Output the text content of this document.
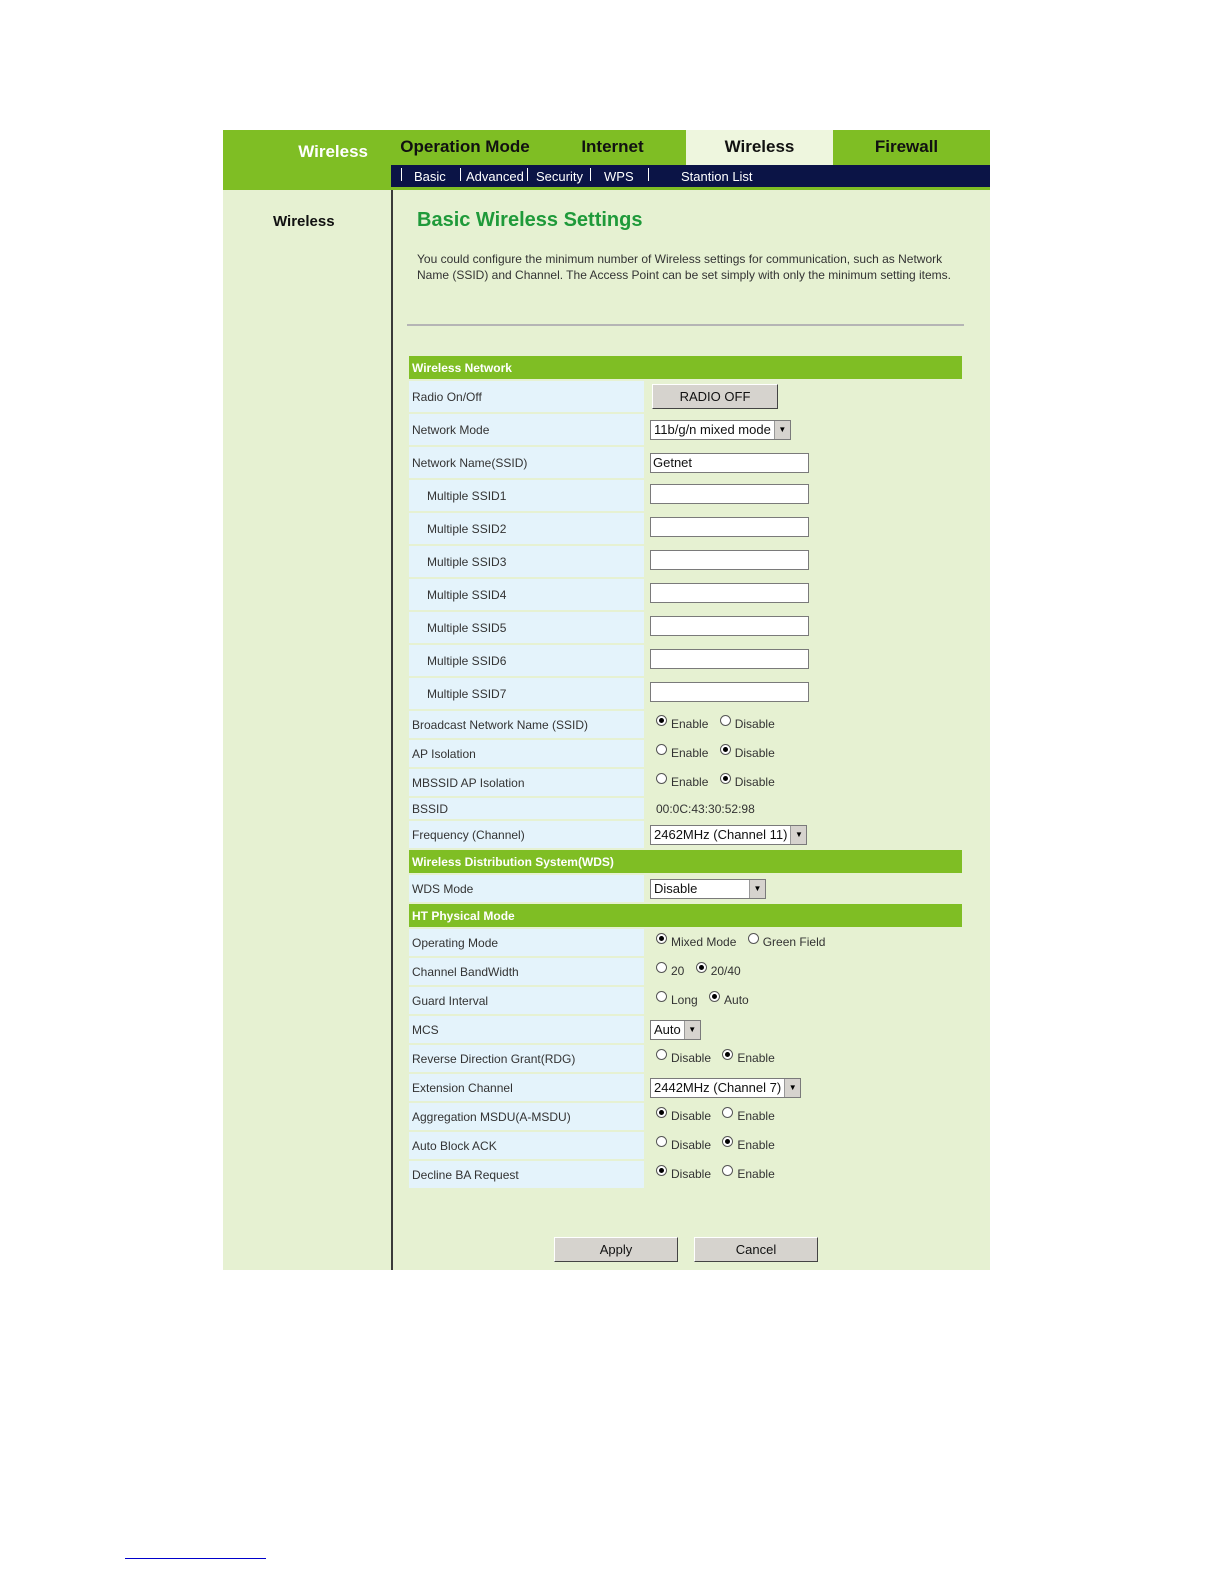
Wireless	Operation Mode	Internet	Wireless	Firewall
Basic Advanced Security WPS	Stantion List
Wireless	Basic Wireless Settings
You could configure the minimum number of Wireless settings for communication, such as Network Name (SSID) and Channel. The Access Point can be set simply with only the minimum setting items.
Wireless Network	
Radio On/Off	RADIO OFF
Network Mode	11b/g/n mixed mode ▼

Network Name(SSID)	Getnet
Multiple SSID1	
Multiple SSID2	
Multiple SSID3	
Multiple SSID4	
Multiple SSID5	
Multiple SSID6	
Multiple SSID7	
Broadcast Network Name (SSID)	Enable
Disable

AP Isolation	Enable
Disable

MBSSID AP Isolation	Enable
Disable

BSSID	00:0C:43:30:52:98
Frequency (Channel)	2462MHz (Channel 11) ▼

Wireless Distribution System(WDS)	
WDS Mode	Disable ▼

HT Physical Mode	
Operating Mode	Mixed Mode
Green Field

Channel BandWidth	20
20/40

Guard Interval	Long
Auto

MCS	Auto ▼

Reverse Direction Grant(RDG)	Disable
Enable

Extension Channel	2442MHz (Channel 7) ▼

Aggregation MSDU(A-MSDU)	Disable
Enable

Auto Block ACK	Disable
Enable

Decline BA Request	Disable
Enable
Apply	Cancel
